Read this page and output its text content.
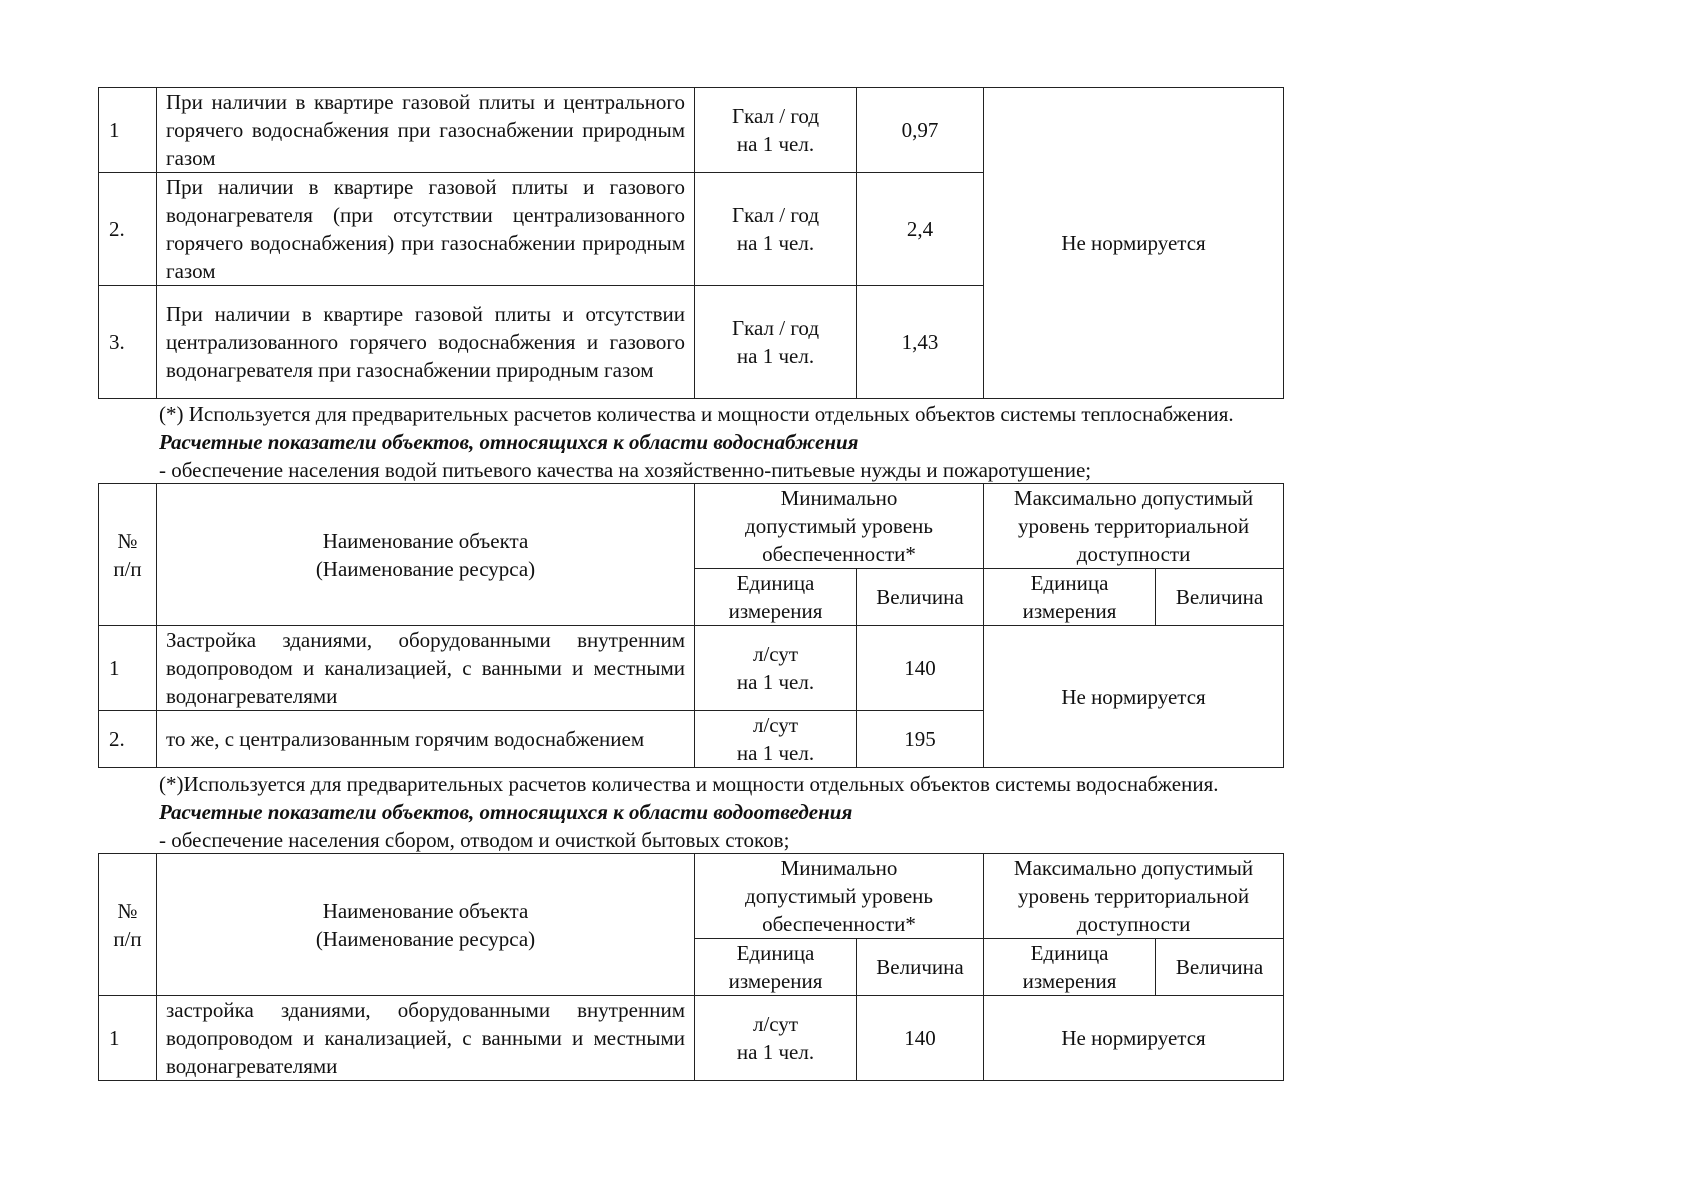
1	При наличии в квартире газовой плиты и центрального горячего водоснабжения при газоснабжении природным газом	Гкал / год
на 1 чел.	0,97	Не нормируется
2.	При наличии в квартире газовой плиты и газового водонагревателя (при отсутствии централизованного горячего водоснабжения) при газоснабжении природным газом	Гкал / год
на 1 чел.	2,4	
3.	При наличии в квартире газовой плиты и отсутствии централизованного горячего водоснабжения и газового водонагревателя при газоснабжении природным газом	Гкал / год
на 1 чел.	1,43	
(*) Используется для предварительных расчетов количества и мощности отдельных объектов системы теплоснабжения.
Расчетные показатели объектов, относящихся к области водоснабжения
- обеспечение населения водой питьевого качества на хозяйственно-питьевые нужды и пожаротушение;
№
п/п	Наименование объекта
(Наименование ресурса)	Минимально
допустимый уровень
обеспеченности*		Максимально допустимый
уровень территориальной
доступности	
		Единица
измерения	Величина	Единица
измерения	Величина
1	Застройка зданиями, оборудованными внутренним водопроводом и канализацией, с ванными и местными водонагревателями	л/сут
на 1 чел.	140	Не нормируется	
2.	то же, с централизованным горячим водоснабжением	л/сут
на 1 чел.	195		
(*)Используется для предварительных расчетов количества и мощности отдельных объектов системы водоснабжения.
Расчетные показатели объектов, относящихся к области водоотведения
- обеспечение населения сбором, отводом и очисткой бытовых стоков;
№
п/п	Наименование объекта
(Наименование ресурса)	Минимально
допустимый уровень
обеспеченности*		Максимально допустимый
уровень территориальной
доступности	
		Единица
измерения	Величина	Единица
измерения	Величина
1	застройка зданиями, оборудованными внутренним водопроводом и канализацией, с ванными и местными водонагревателями	л/сут
на 1 чел.	140	Не нормируется	
